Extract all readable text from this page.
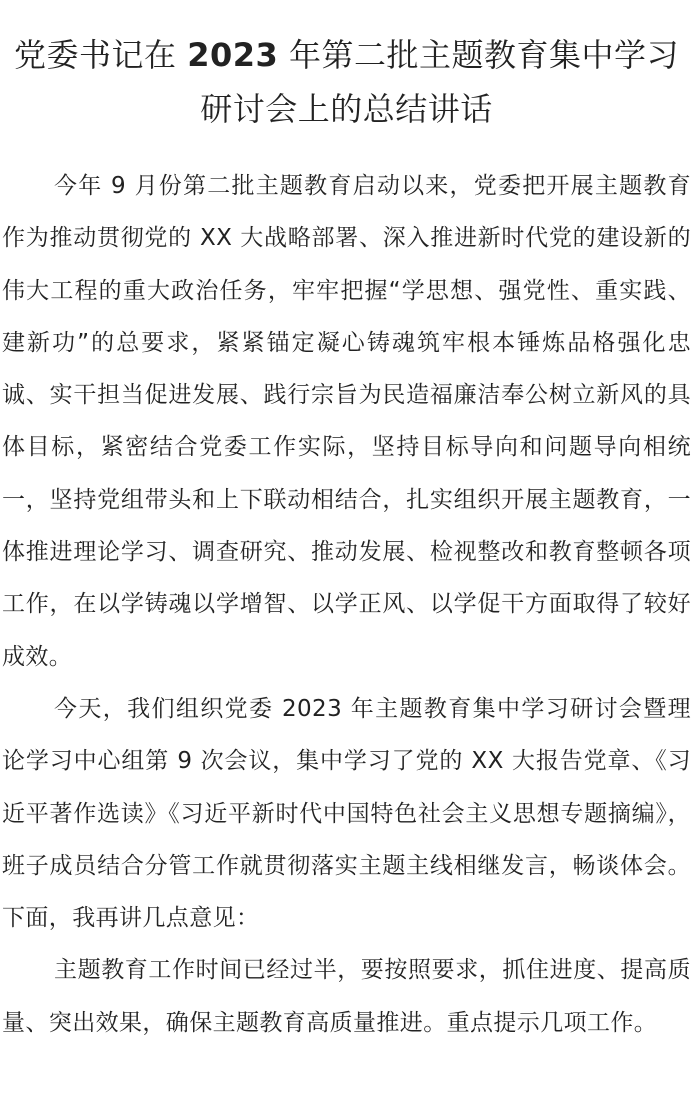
党委书记在 2023 年第二批主题教育集中学习研讨会上的总结讲话

今年 9 月份第二批主题教育启动以来，党委把开展主题教育作为推动贯彻党的 XX 大战略部署、深入推进新时代党的建设新的伟大工程的重大政治任务，牢牢把握“学思想、强党性、重实践、建新功”的总要求，紧紧锚定凝心铸魂筑牢根本锤炼品格强化忠诚、实干担当促进发展、践行宗旨为民造福廉洁奉公树立新风的具体目标，紧密结合党委工作实际，坚持目标导向和问题导向相统一，坚持党组带头和上下联动相结合，扎实组织开展主题教育，一体推进理论学习、调查研究、推动发展、检视整改和教育整顿各项工作，在以学铸魂以学增智、以学正风、以学促干方面取得了较好成效。

今天，我们组织党委 2023 年主题教育集中学习研讨会暨理论学习中心组第 9 次会议，集中学习了党的 XX 大报告党章、《习近平著作选读》《习近平新时代中国特色社会主义思想专题摘编》，班子成员结合分管工作就贯彻落实主题主线相继发言，畅谈体会。下面，我再讲几点意见：

主题教育工作时间已经过半，要按照要求，抓住进度、提高质量、突出效果，确保主题教育高质量推进。重点提示几项工作。
